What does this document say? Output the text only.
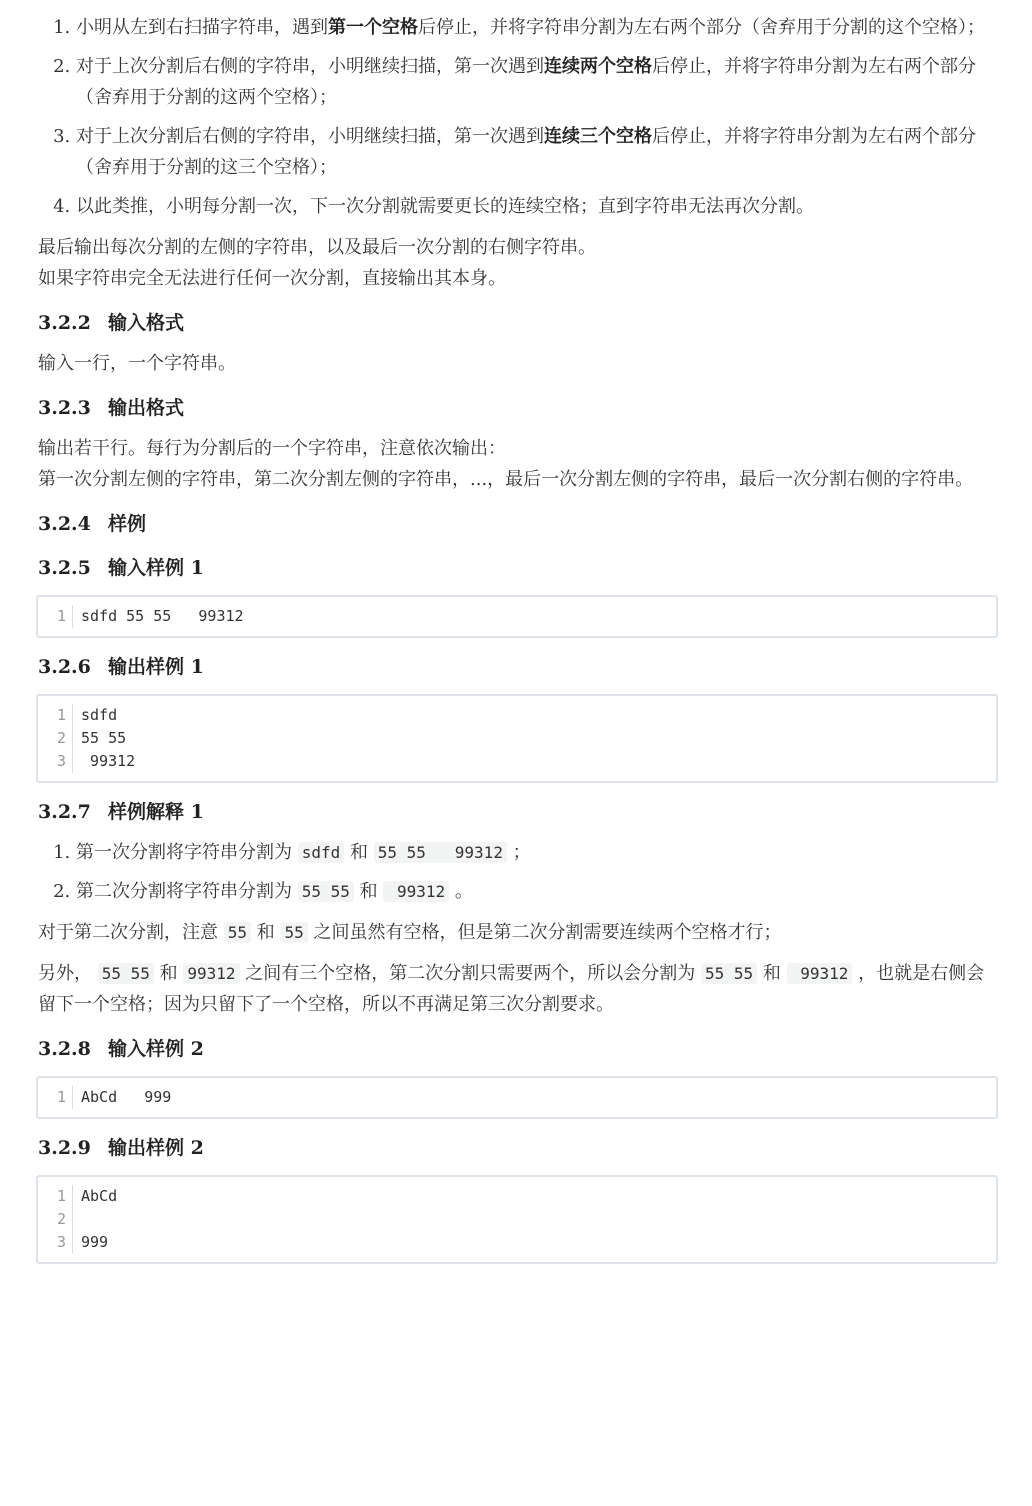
1. 小明从左到右扫描字符串，遇到第一个空格后停止，并将字符串分割为左右两个部分（舍弃用于分割的这个空格）；
2. 对于上次分割后右侧的字符串，小明继续扫描，第一次遇到连续两个空格后停止，并将字符串分割为左右两个部分（舍弃用于分割的这两个空格）；
3. 对于上次分割后右侧的字符串，小明继续扫描，第一次遇到连续三个空格后停止，并将字符串分割为左右两个部分（舍弃用于分割的这三个空格）；
4. 以此类推，小明每分割一次，下一次分割就需要更长的连续空格；直到字符串无法再次分割。

最后输出每次分割的左侧的字符串，以及最后一次分割的右侧字符串。

如果字符串完全无法进行任何一次分割，直接输出其本身。

3.2.2 输入格式

输入一行，一个字符串。

3.2.3 输出格式

输出若干行。每行为分割后的一个字符串，注意依次输出：

第一次分割左侧的字符串，第二次分割左侧的字符串，...，最后一次分割左侧的字符串，最后一次分割右侧的字符串。

3.2.4 样例
3.2.5 输入样例 1
1	sdfd 55 55   99312
3.2.6 输出样例 1
1	sdfd
2	55 55
3	99312
3.2.7 样例解释 1
1. 第一次分割将字符串分割为 sdfd 和 55 55   99312 ；
2. 第二次分割将字符串分割为 55 55 和  99312 。

对于第二次分割，注意 55 和 55 之间虽然有空格，但是第二次分割需要连续两个空格才行；

另外， 55 55 和 99312 之间有三个空格，第二次分割只需要两个，所以会分割为 55 55 和  99312 ，也就是右侧会留下一个空格；因为只留下了一个空格，所以不再满足第三次分割要求。

3.2.8 输入样例 2
1	AbCd   999
3.2.9 输出样例 2
1	AbCd
2
3	999
